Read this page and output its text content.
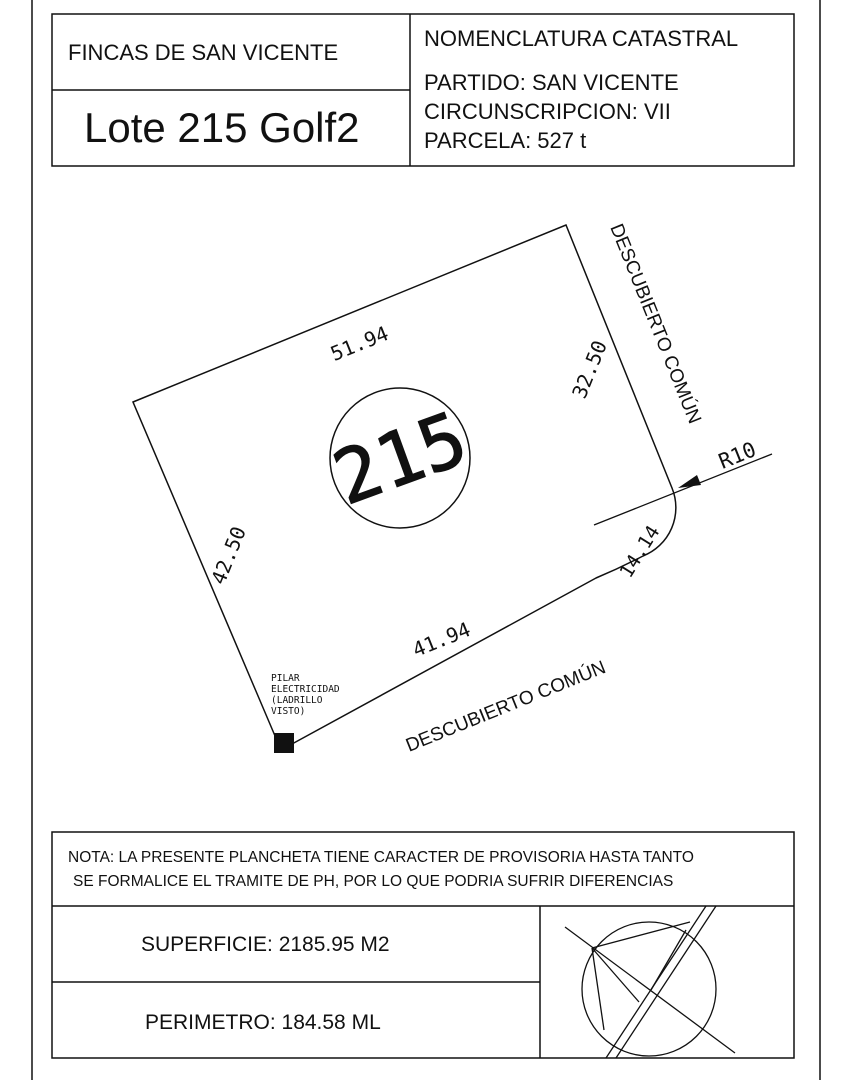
FINCAS DE SAN VICENTE
Lote 215 Golf2
NOMENCLATURA CATASTRAL
PARTIDO: SAN VICENTE
CIRCUNSCRIPCION: VII
PARCELA: 527 t
215
51.94	32.50
42.50
41.94
14.14
R10
DESCUBIERTO COMÚN
DESCUBIERTO COMÚN
PILAR ELECTRICIDAD (LADRILLO VISTO)
NOTA: LA PRESENTE PLANCHETA TIENE CARACTER DE PROVISORIA HASTA TANTO
SE FORMALICE EL TRAMITE DE PH, POR LO QUE PODRIA SUFRIR DIFERENCIAS
SUPERFICIE: 2185.95 M2
PERIMETRO: 184.58 ML
